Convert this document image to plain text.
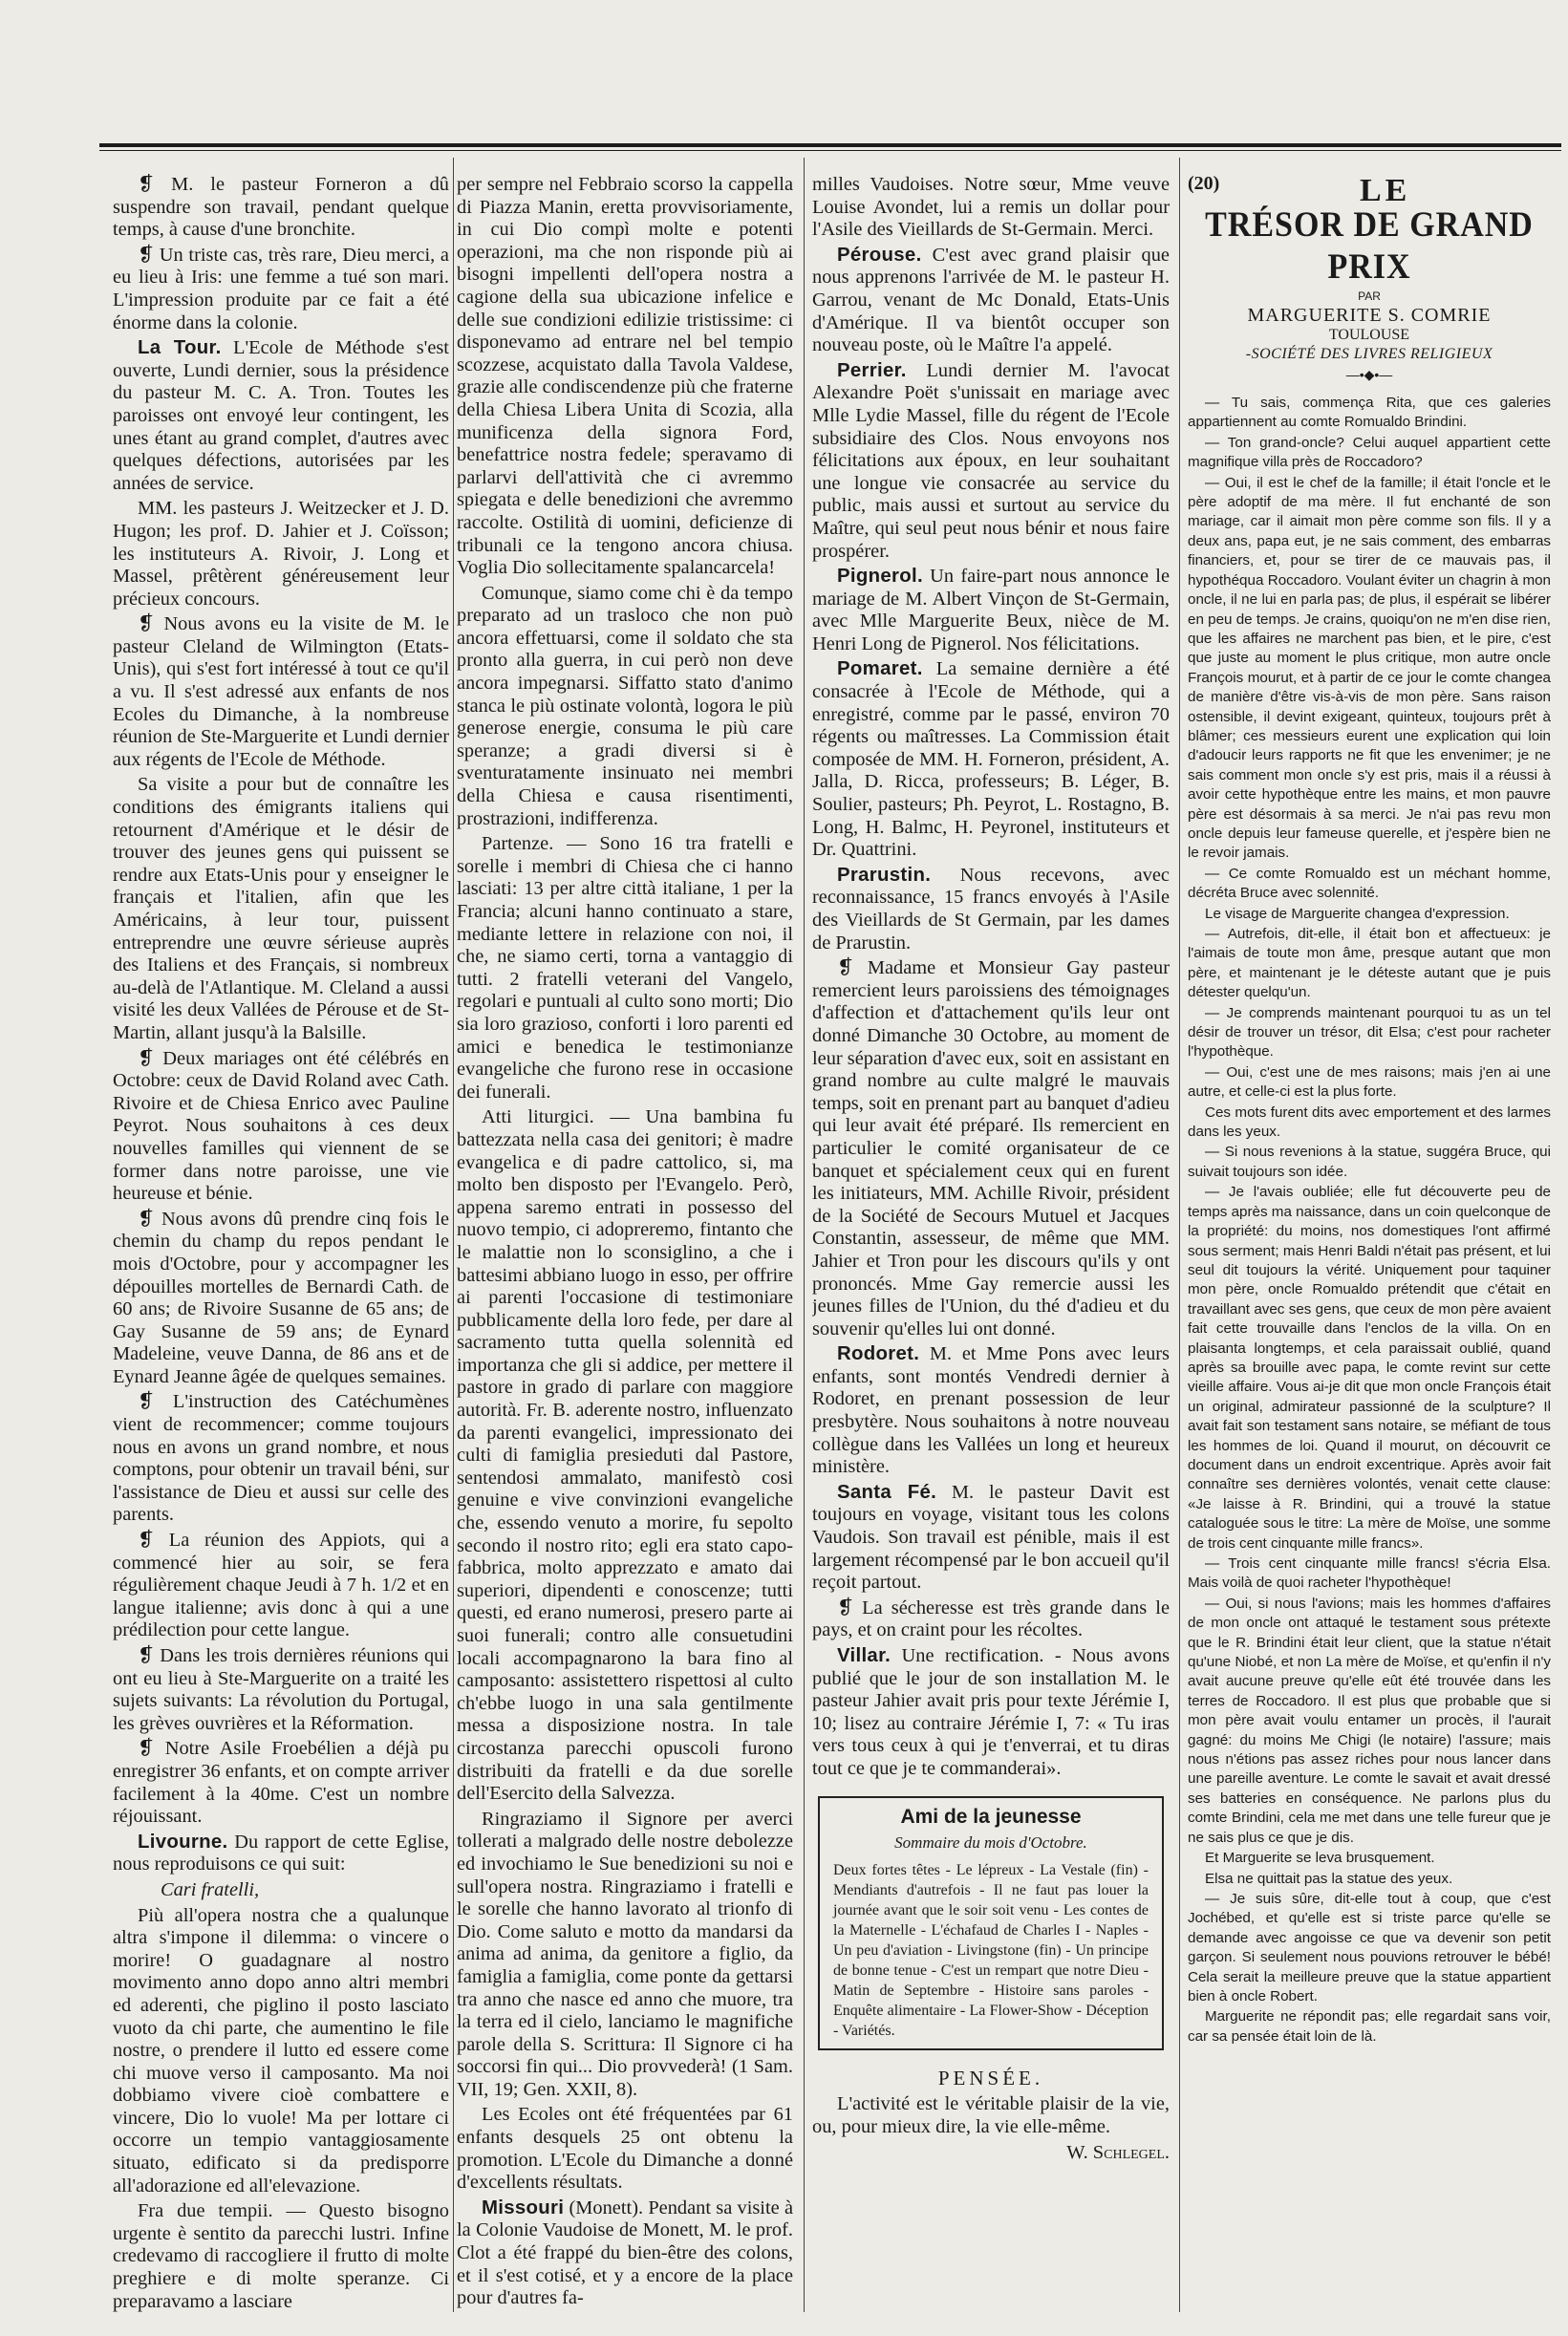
❡ M. le pasteur Forneron a dû suspendre son travail, pendant quelque temps, à cause d'une bronchite.

❡ Un triste cas, très rare, Dieu merci, a eu lieu à Iris: une femme a tué son mari. L'impression produite par ce fait a été énorme dans la colonie.

La Tour. L'Ecole de Méthode s'est ouverte, Lundi dernier, sous la présidence du pasteur M. C. A. Tron. Toutes les paroisses ont envoyé leur contingent, les unes étant au grand complet, d'autres avec quelques défections, autorisées par les années de service.

MM. les pasteurs J. Weitzecker et J. D. Hugon; les prof. D. Jahier et J. Coïsson; les instituteurs A. Rivoir, J. Long et Massel, prêtèrent généreusement leur précieux concours.

❡ Nous avons eu la visite de M. le pasteur Cleland de Wilmington (Etats-Unis), qui s'est fort intéressé à tout ce qu'il a vu. Il s'est adressé aux enfants de nos Ecoles du Dimanche, à la nombreuse réunion de Ste-Marguerite et Lundi dernier aux régents de l'Ecole de Méthode.

Sa visite a pour but de connaître les conditions des émigrants italiens qui retournent d'Amérique et le désir de trouver des jeunes gens qui puissent se rendre aux Etats-Unis pour y enseigner le français et l'italien, afin que les Américains, à leur tour, puissent entreprendre une œuvre sérieuse auprès des Italiens et des Français, si nombreux au-delà de l'Atlantique. M. Cleland a aussi visité les deux Vallées de Pérouse et de St-Martin, allant jusqu'à la Balsille.

❡ Deux mariages ont été célébrés en Octobre: ceux de David Roland avec Cath. Rivoire et de Chiesa Enrico avec Pauline Peyrot. Nous souhaitons à ces deux nouvelles familles qui viennent de se former dans notre paroisse, une vie heureuse et bénie.

❡ Nous avons dû prendre cinq fois le chemin du champ du repos pendant le mois d'Octobre, pour y accompagner les dépouilles mortelles de Bernardi Cath. de 60 ans; de Rivoire Susanne de 65 ans; de Gay Susanne de 59 ans; de Eynard Madeleine, veuve Danna, de 86 ans et de Eynard Jeanne âgée de quelques semaines.

❡ L'instruction des Catéchumènes vient de recommencer; comme toujours nous en avons un grand nombre, et nous comptons, pour obtenir un travail béni, sur l'assistance de Dieu et aussi sur celle des parents.

❡ La réunion des Appiots, qui a commencé hier au soir, se fera régulièrement chaque Jeudi à 7 h. 1/2 et en langue italienne; avis donc à qui a une prédilection pour cette langue.

❡ Dans les trois dernières réunions qui ont eu lieu à Ste-Marguerite on a traité les sujets suivants: La révolution du Portugal, les grèves ouvrières et la Réformation.

❡ Notre Asile Froebélien a déjà pu enregistrer 36 enfants, et on compte arriver facilement à la 40me. C'est un nombre réjouissant.

Livourne. Du rapport de cette Eglise, nous reproduisons ce qui suit:

Cari fratelli,

Più all'opera nostra che a qualunque altra s'impone il dilemma: o vincere o morire! O guadagnare al nostro movimento anno dopo anno altri membri ed aderenti, che piglino il posto lasciato vuoto da chi parte, che aumentino le file nostre, o prendere il lutto ed essere come chi muove verso il camposanto. Ma noi dobbiamo vivere cioè combattere e vincere, Dio lo vuole! Ma per lottare ci occorre un tempio vantaggiosamente situato, edificato si da predisporre all'adorazione ed all'elevazione.

Fra due tempii. — Questo bisogno urgente è sentito da parecchi lustri. Infine credevamo di raccogliere il frutto di molte preghiere e di molte speranze. Ci preparavamo a lasciare

per sempre nel Febbraio scorso la cappella di Piazza Manin, eretta provvisoriamente, in cui Dio compì molte e potenti operazioni, ma che non risponde più ai bisogni impellenti dell'opera nostra a cagione della sua ubicazione infelice e delle sue condizioni edilizie tristissime: ci disponevamo ad entrare nel bel tempio scozzese, acquistato dalla Tavola Valdese, grazie alle condiscendenze più che fraterne della Chiesa Libera Unita di Scozia, alla munificenza della signora Ford, benefattrice nostra fedele; speravamo di parlarvi dell'attività che ci avremmo spiegata e delle benedizioni che avremmo raccolte. Ostilità di uomini, deficienze di tribunali ce la tengono ancora chiusa. Voglia Dio sollecitamente spalancarcela!

Comunque, siamo come chi è da tempo preparato ad un trasloco che non può ancora effettuarsi, come il soldato che sta pronto alla guerra, in cui però non deve ancora impegnarsi. Siffatto stato d'animo stanca le più ostinate volontà, logora le più generose energie, consuma le più care speranze; a gradi diversi si è sventuratamente insinuato nei membri della Chiesa e causa risentimenti, prostrazioni, indifferenza.

Partenze. — Sono 16 tra fratelli e sorelle i membri di Chiesa che ci hanno lasciati: 13 per altre città italiane, 1 per la Francia; alcuni hanno continuato a stare, mediante lettere in relazione con noi, il che, ne siamo certi, torna a vantaggio di tutti. 2 fratelli veterani del Vangelo, regolari e puntuali al culto sono morti; Dio sia loro grazioso, conforti i loro parenti ed amici e benedica le testimonianze evangeliche che furono rese in occasione dei funerali.

Atti liturgici. — Una bambina fu battezzata nella casa dei genitori; è madre evangelica e di padre cattolico, si, ma molto ben disposto per l'Evangelo. Però, appena saremo entrati in possesso del nuovo tempio, ci adopreremo, fintanto che le malattie non lo sconsiglino, a che i battesimi abbiano luogo in esso, per offrire ai parenti l'occasione di testimoniare pubblicamente della loro fede, per dare al sacramento tutta quella solennità ed importanza che gli si addice, per mettere il pastore in grado di parlare con maggiore autorità. Fr. B. aderente nostro, influenzato da parenti evangelici, impressionato dei culti di famiglia presieduti dal Pastore, sentendosi ammalato, manifestò cosi genuine e vive convinzioni evangeliche che, essendo venuto a morire, fu sepolto secondo il nostro rito; egli era stato capo-fabbrica, molto apprezzato e amato dai superiori, dipendenti e conoscenze; tutti questi, ed erano numerosi, presero parte ai suoi funerali; contro alle consuetudini locali accompagnarono la bara fino al camposanto: assistettero rispettosi al culto ch'ebbe luogo in una sala gentilmente messa a disposizione nostra. In tale circostanza parecchi opuscoli furono distribuiti da fratelli e da due sorelle dell'Esercito della Salvezza.

Ringraziamo il Signore per averci tollerati a malgrado delle nostre debolezze ed invochiamo le Sue benedizioni su noi e sull'opera nostra. Ringraziamo i fratelli e le sorelle che hanno lavorato al trionfo di Dio. Come saluto e motto da mandarsi da anima ad anima, da genitore a figlio, da famiglia a famiglia, come ponte da gettarsi tra anno che nasce ed anno che muore, tra la terra ed il cielo, lanciamo le magnifiche parole della S. Scrittura: Il Signore ci ha soccorsi fin qui... Dio provvederà! (1 Sam. VII, 19; Gen. XXII, 8).

Les Ecoles ont été fréquentées par 61 enfants desquels 25 ont obtenu la promotion. L'Ecole du Dimanche a donné d'excellents résultats.

Missouri (Monett). Pendant sa visite à la Colonie Vaudoise de Monett, M. le prof. Clot a été frappé du bien-être des colons, et il s'est cotisé, et y a encore de la place pour d'autres fa-

milles Vaudoises. Notre sœur, Mme veuve Louise Avondet, lui a remis un dollar pour l'Asile des Vieillards de St-Germain. Merci.

Pérouse. C'est avec grand plaisir que nous apprenons l'arrivée de M. le pasteur H. Garrou, venant de Mc Donald, Etats-Unis d'Amérique. Il va bientôt occuper son nouveau poste, où le Maître l'a appelé.

Perrier. Lundi dernier M. l'avocat Alexandre Poët s'unissait en mariage avec Mlle Lydie Massel, fille du régent de l'Ecole subsidiaire des Clos. Nous envoyons nos félicitations aux époux, en leur souhaitant une longue vie consacrée au service du public, mais aussi et surtout au service du Maître, qui seul peut nous bénir et nous faire prospérer.

Pignerol. Un faire-part nous annonce le mariage de M. Albert Vinçon de St-Germain, avec Mlle Marguerite Beux, nièce de M. Henri Long de Pignerol. Nos félicitations.

Pomaret. La semaine dernière a été consacrée à l'Ecole de Méthode, qui a enregistré, comme par le passé, environ 70 régents ou maîtresses. La Commission était composée de MM. H. Forneron, président, A. Jalla, D. Ricca, professeurs; B. Léger, B. Soulier, pasteurs; Ph. Peyrot, L. Rostagno, B. Long, H. Balmc, H. Peyronel, instituteurs et Dr. Quattrini.

Prarustin. Nous recevons, avec reconnaissance, 15 francs envoyés à l'Asile des Vieillards de St Germain, par les dames de Prarustin.

❡ Madame et Monsieur Gay pasteur remercient leurs paroissiens des témoignages d'affection et d'attachement qu'ils leur ont donné Dimanche 30 Octobre, au moment de leur séparation d'avec eux, soit en assistant en grand nombre au culte malgré le mauvais temps, soit en prenant part au banquet d'adieu qui leur avait été préparé. Ils remercient en particulier le comité organisateur de ce banquet et spécialement ceux qui en furent les initiateurs, MM. Achille Rivoir, président de la Société de Secours Mutuel et Jacques Constantin, assesseur, de même que MM. Jahier et Tron pour les discours qu'ils y ont prononcés. Mme Gay remercie aussi les jeunes filles de l'Union, du thé d'adieu et du souvenir qu'elles lui ont donné.

Rodoret. M. et Mme Pons avec leurs enfants, sont montés Vendredi dernier à Rodoret, en prenant possession de leur presbytère. Nous souhaitons à notre nouveau collègue dans les Vallées un long et heureux ministère.

Santa Fé. M. le pasteur Davit est toujours en voyage, visitant tous les colons Vaudois. Son travail est pénible, mais il est largement récompensé par le bon accueil qu'il reçoit partout.

❡ La sécheresse est très grande dans le pays, et on craint pour les récoltes.

Villar. Une rectification. - Nous avons publié que le jour de son installation M. le pasteur Jahier avait pris pour texte Jérémie I, 10; lisez au contraire Jérémie I, 7: « Tu iras vers tous ceux à qui je t'enverrai, et tu diras tout ce que je te commanderai».

Ami de la jeunesse

Sommaire du mois d'Octobre.

Deux fortes têtes - Le lépreux - La Vestale (fin) - Mendiants d'autrefois - Il ne faut pas louer la journée avant que le soir soit venu - Les contes de la Maternelle - L'échafaud de Charles I - Naples - Un peu d'aviation - Livingstone (fin) - Un principe de bonne tenue - C'est un rempart que notre Dieu - Matin de Septembre - Histoire sans paroles - Enquête alimentaire - La Flower-Show - Déception - Variétés.

PENSÉE.

L'activité est le véritable plaisir de la vie, ou, pour mieux dire, la vie elle-même.

W. Schlegel.

(20)	LE
TRÉSOR DE GRAND PRIX
PAR
MARGUERITE S. COMRIE
TOULOUSE
-SOCIÉTÉ DES LIVRES RELIGIEUX
—•◆•—

— Tu sais, commença Rita, que ces galeries appartiennent au comte Romualdo Brindini.

— Ton grand-oncle? Celui auquel appartient cette magnifique villa près de Roccadoro?

— Oui, il est le chef de la famille; il était l'oncle et le père adoptif de ma mère. Il fut enchanté de son mariage, car il aimait mon père comme son fils. Il y a deux ans, papa eut, je ne sais comment, des embarras financiers, et, pour se tirer de ce mauvais pas, il hypothéqua Roccadoro. Voulant éviter un chagrin à mon oncle, il ne lui en parla pas; de plus, il espérait se libérer en peu de temps. Je crains, quoiqu'on ne m'en dise rien, que les affaires ne marchent pas bien, et le pire, c'est que juste au moment le plus critique, mon autre oncle François mourut, et à partir de ce jour le comte changea de manière d'être vis-à-vis de mon père. Sans raison ostensible, il devint exigeant, quinteux, toujours prêt à blâmer; ces messieurs eurent une explication qui loin d'adoucir leurs rapports ne fit que les envenimer; je ne sais comment mon oncle s'y est pris, mais il a réussi à avoir cette hypothèque entre les mains, et mon pauvre père est désormais à sa merci. Je n'ai pas revu mon oncle depuis leur fameuse querelle, et j'espère bien ne le revoir jamais.

— Ce comte Romualdo est un méchant homme, décréta Bruce avec solennité.

Le visage de Marguerite changea d'expression.

— Autrefois, dit-elle, il était bon et affectueux: je l'aimais de toute mon âme, presque autant que mon père, et maintenant je le déteste autant que je puis détester quelqu'un.

— Je comprends maintenant pourquoi tu as un tel désir de trouver un trésor, dit Elsa; c'est pour racheter l'hypothèque.

— Oui, c'est une de mes raisons; mais j'en ai une autre, et celle-ci est la plus forte.

Ces mots furent dits avec emportement et des larmes dans les yeux.

— Si nous revenions à la statue, suggéra Bruce, qui suivait toujours son idée.

— Je l'avais oubliée; elle fut découverte peu de temps après ma naissance, dans un coin quelconque de la propriété: du moins, nos domestiques l'ont affirmé sous serment; mais Henri Baldi n'était pas présent, et lui seul dit toujours la vérité. Uniquement pour taquiner mon père, oncle Romualdo prétendit que c'était en travaillant avec ses gens, que ceux de mon père avaient fait cette trouvaille dans l'enclos de la villa. On en plaisanta longtemps, et cela paraissait oublié, quand après sa brouille avec papa, le comte revint sur cette vieille affaire. Vous ai-je dit que mon oncle François était un original, admirateur passionné de la sculpture? Il avait fait son testament sans notaire, se méfiant de tous les hommes de loi. Quand il mourut, on découvrit ce document dans un endroit excentrique. Après avoir fait connaître ses dernières volontés, venait cette clause: «Je laisse à R. Brindini, qui a trouvé la statue cataloguée sous le titre: La mère de Moïse, une somme de trois cent cinquante mille francs».

— Trois cent cinquante mille francs! s'écria Elsa. Mais voilà de quoi racheter l'hypothèque!

— Oui, si nous l'avions; mais les hommes d'affaires de mon oncle ont attaqué le testament sous prétexte que le R. Brindini était leur client, que la statue n'était qu'une Niobé, et non La mère de Moïse, et qu'enfin il n'y avait aucune preuve qu'elle eût été trouvée dans les terres de Roccadoro. Il est plus que probable que si mon père avait voulu entamer un procès, il l'aurait gagné: du moins Me Chigi (le notaire) l'assure; mais nous n'étions pas assez riches pour nous lancer dans une pareille aventure. Le comte le savait et avait dressé ses batteries en conséquence. Ne parlons plus du comte Brindini, cela me met dans une telle fureur que je ne sais plus ce que je dis.

Et Marguerite se leva brusquement.

Elsa ne quittait pas la statue des yeux.

— Je suis sûre, dit-elle tout à coup, que c'est Jochébed, et qu'elle est si triste parce qu'elle se demande avec angoisse ce que va devenir son petit garçon. Si seulement nous pouvions retrouver le bébé! Cela serait la meilleure preuve que la statue appartient bien à oncle Robert.

Marguerite ne répondit pas; elle regardait sans voir, car sa pensée était loin de là.
